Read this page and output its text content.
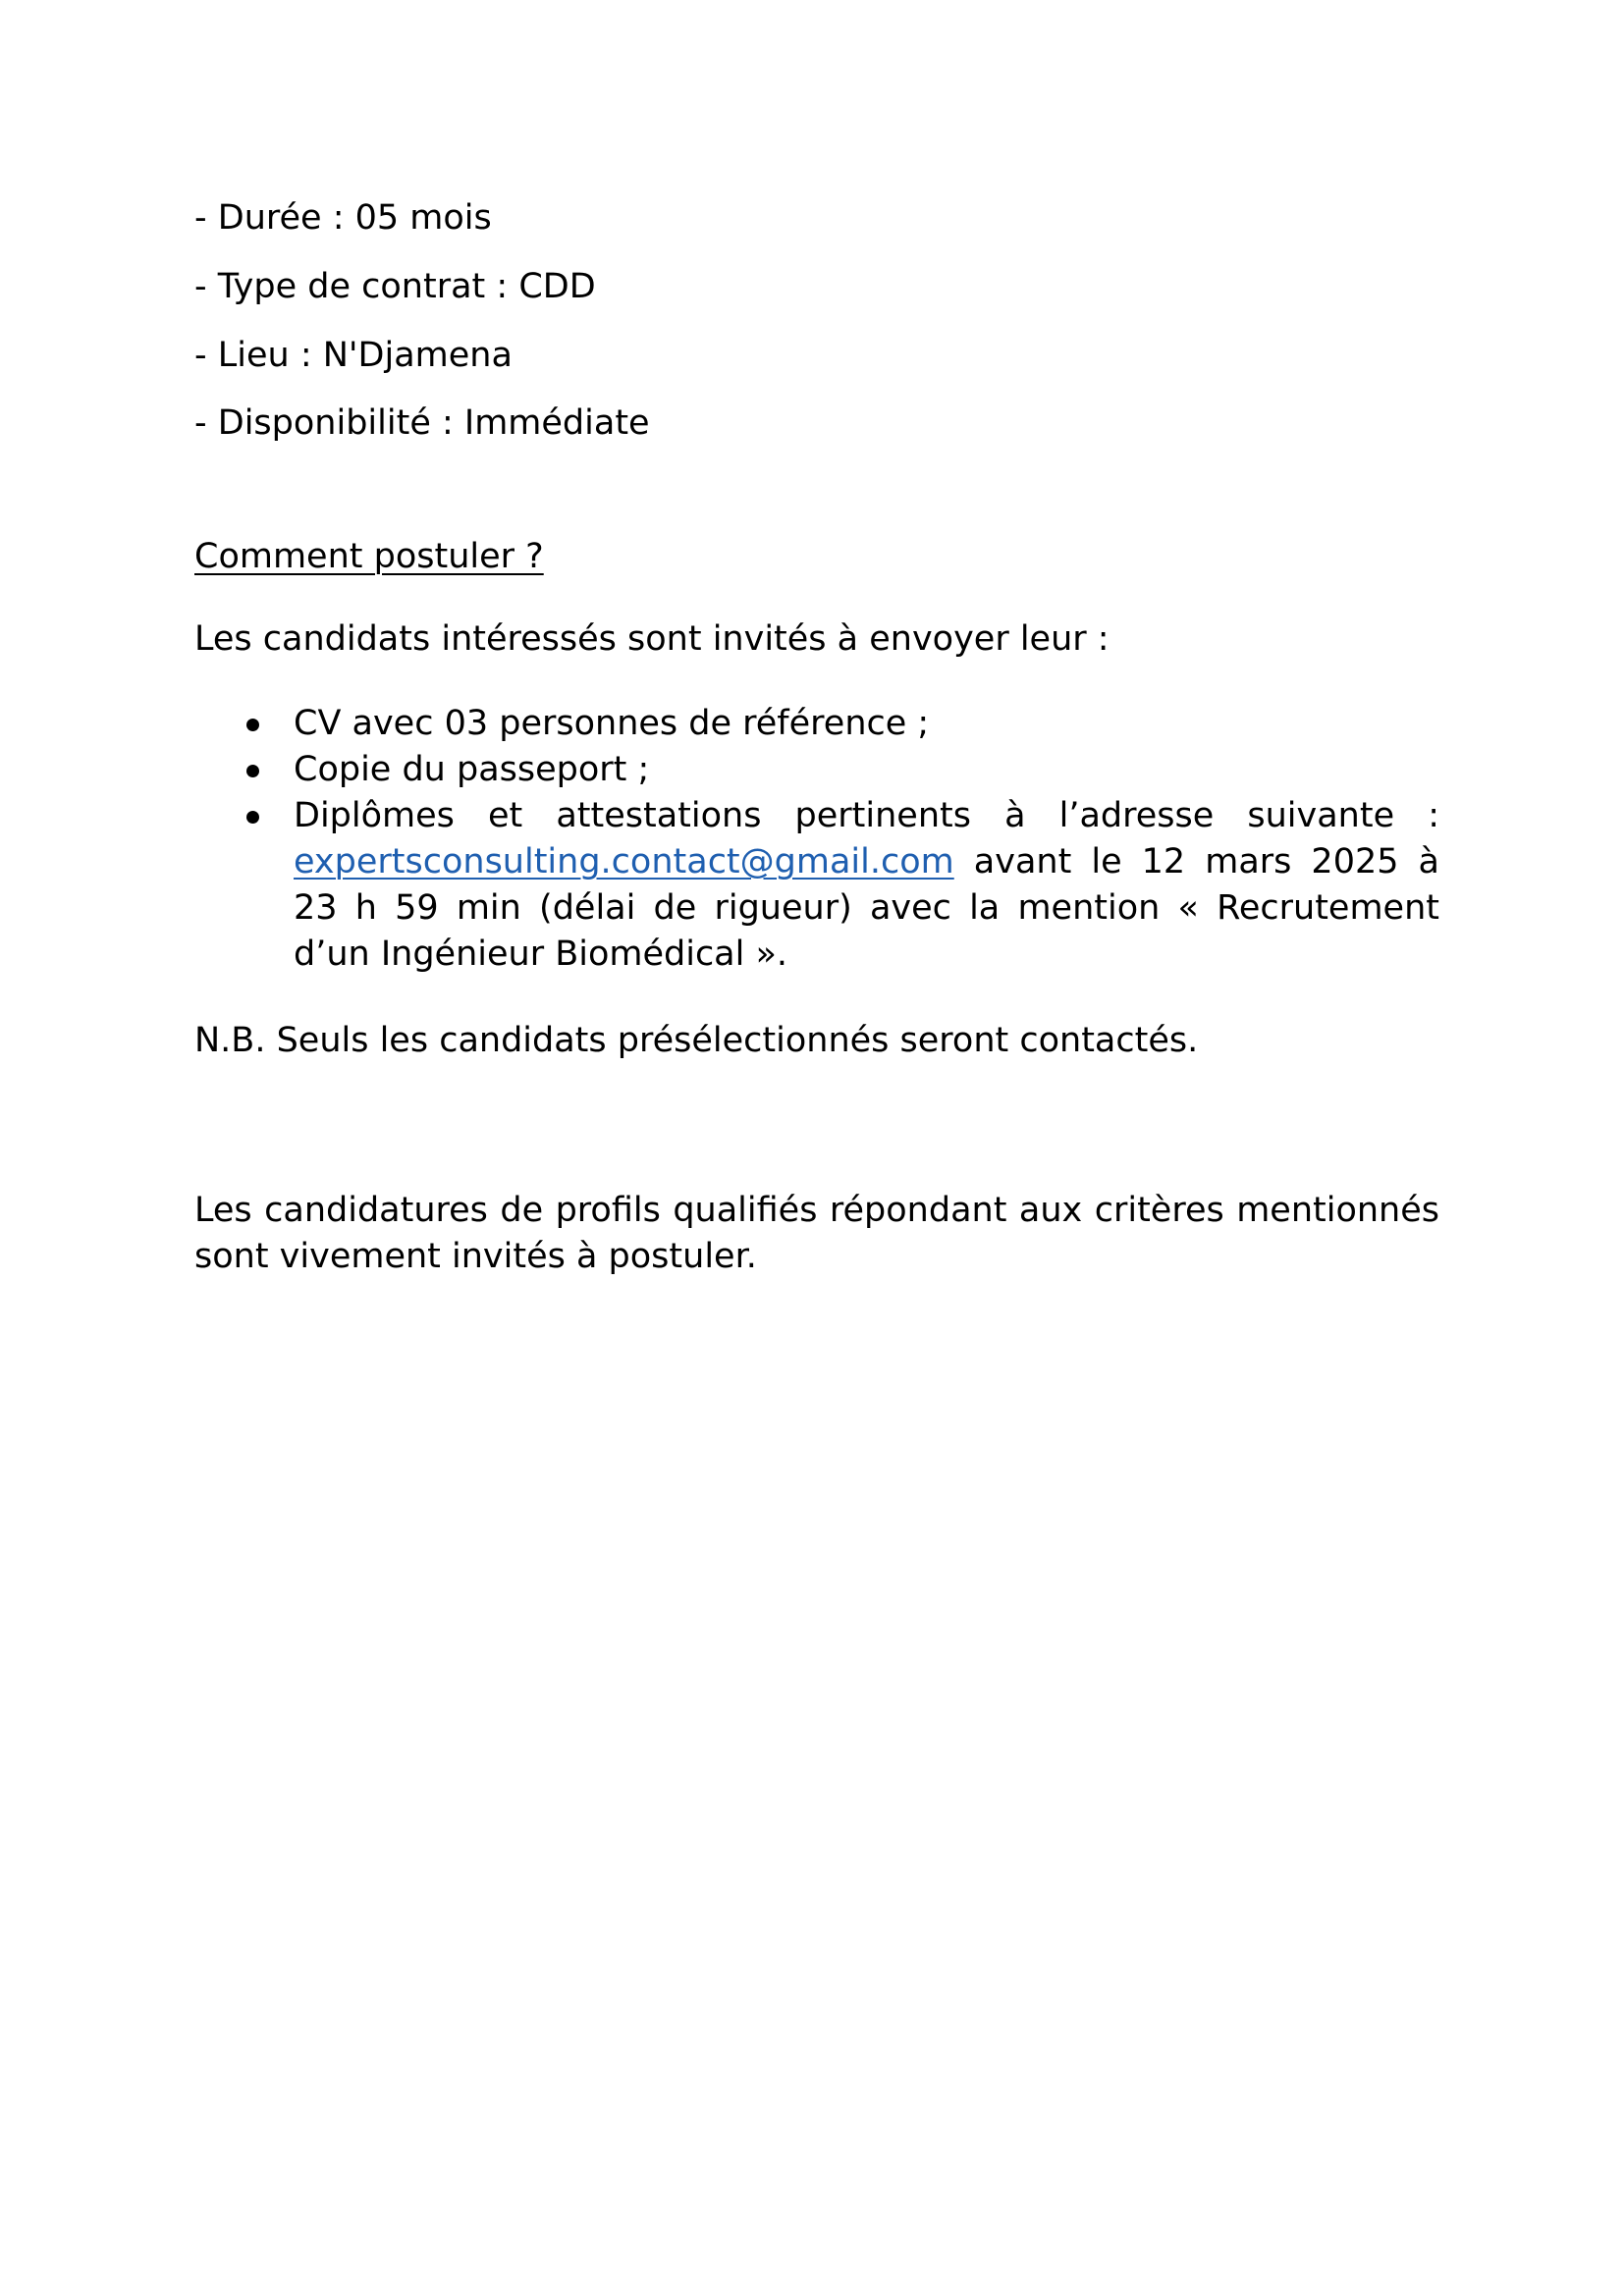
- Durée : 05 mois
- Type de contrat : CDD
- Lieu : N'Djamena
- Disponibilité : Immédiate
Comment postuler ?
Les candidats intéressés sont invités à envoyer leur :
CV avec 03 personnes de référence ;
Copie du passeport ;
Diplômes et attestations pertinents à l’adresse suivante : expertsconsulting.contact@gmail.com avant le 12 mars 2025 à 23 h 59 min (délai de rigueur) avec la mention « Recrutement d’un Ingénieur Biomédical ».
N.B. Seuls les candidats présélectionnés seront contactés.
Les candidatures de profils qualifiés répondant aux critères mentionnés sont vivement invités à postuler.
